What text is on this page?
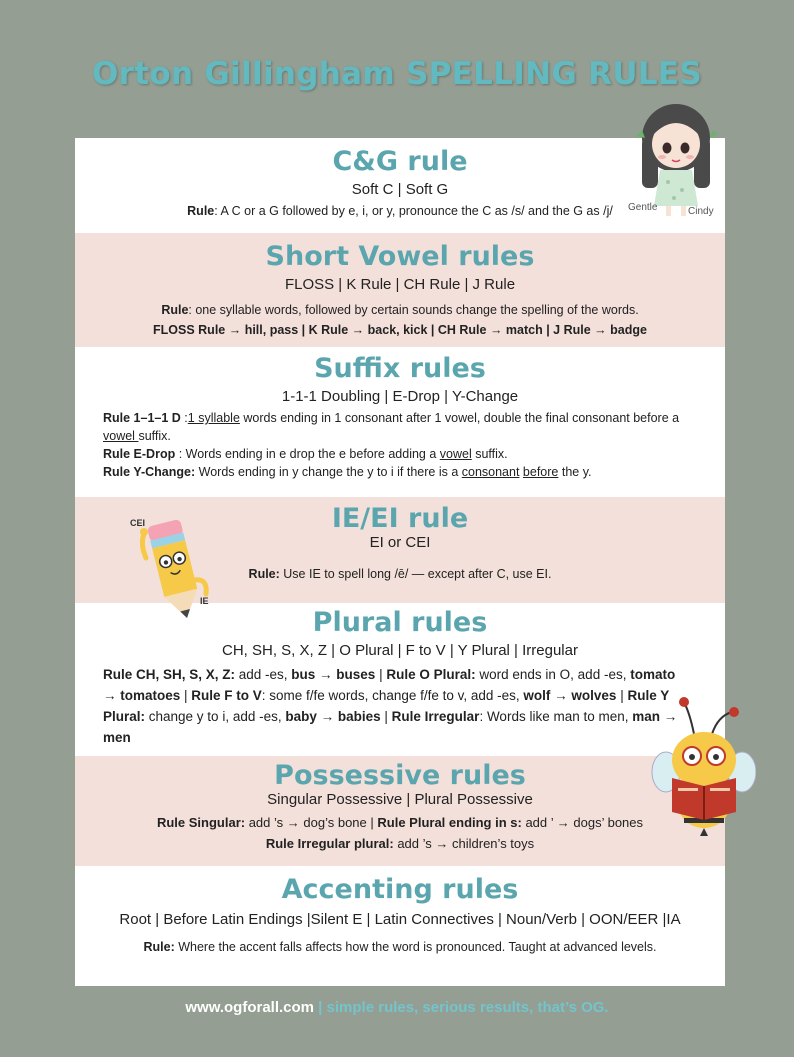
Orton Gillingham SPELLING RULES
C&G rule
Soft C | Soft G
Rule: A C or a G followed by e, i, or y, pronounce the C as /s/ and the G as /j/
Short Vowel rules
FLOSS | K Rule | CH Rule | J Rule
Rule: one syllable words, followed by certain sounds change the spelling of the words.
FLOSS Rule → hill, pass | K Rule → back, kick | CH Rule → match | J Rule → badge
Suffix rules
1-1-1 Doubling | E-Drop | Y-Change
Rule 1–1–1 D :1 syllable words ending in 1 consonant after 1 vowel, double the final consonant before a vowel suffix.
Rule E-Drop : Words ending in e drop the e before adding a vowel suffix.
Rule Y-Change: Words ending in y change the y to i if there is a consonant before the y.
IE/EI rule
EI or CEI
Rule: Use IE to spell long /ē/ — except after C, use EI.
Plural rules
CH, SH, S, X, Z | O Plural | F to V | Y Plural | Irregular
Rule CH, SH, S, X, Z: add -es, bus → buses | Rule O Plural: word ends in O, add -es, tomato → tomatoes | Rule F to V: some f/fe words, change f/fe to v, add -es, wolf → wolves | Rule Y Plural: change y to i, add -es, baby → babies | Rule Irregular: Words like man to men, man → men
Possessive rules
Singular Possessive | Plural Possessive
Rule Singular: add ’s → dog’s bone | Rule Plural ending in s: add ’ → dogs’ bones
Rule Irregular plural: add ’s → children’s toys
Accenting rules
Root | Before Latin Endings |Silent E | Latin Connectives | Noun/Verb | OON/EER |IA
Rule: Where the accent falls affects how the word is pronounced. Taught at advanced levels.
Gentle	Cindy
CEI
IE
www.ogforall.com | simple rules, serious results, that’s OG.
